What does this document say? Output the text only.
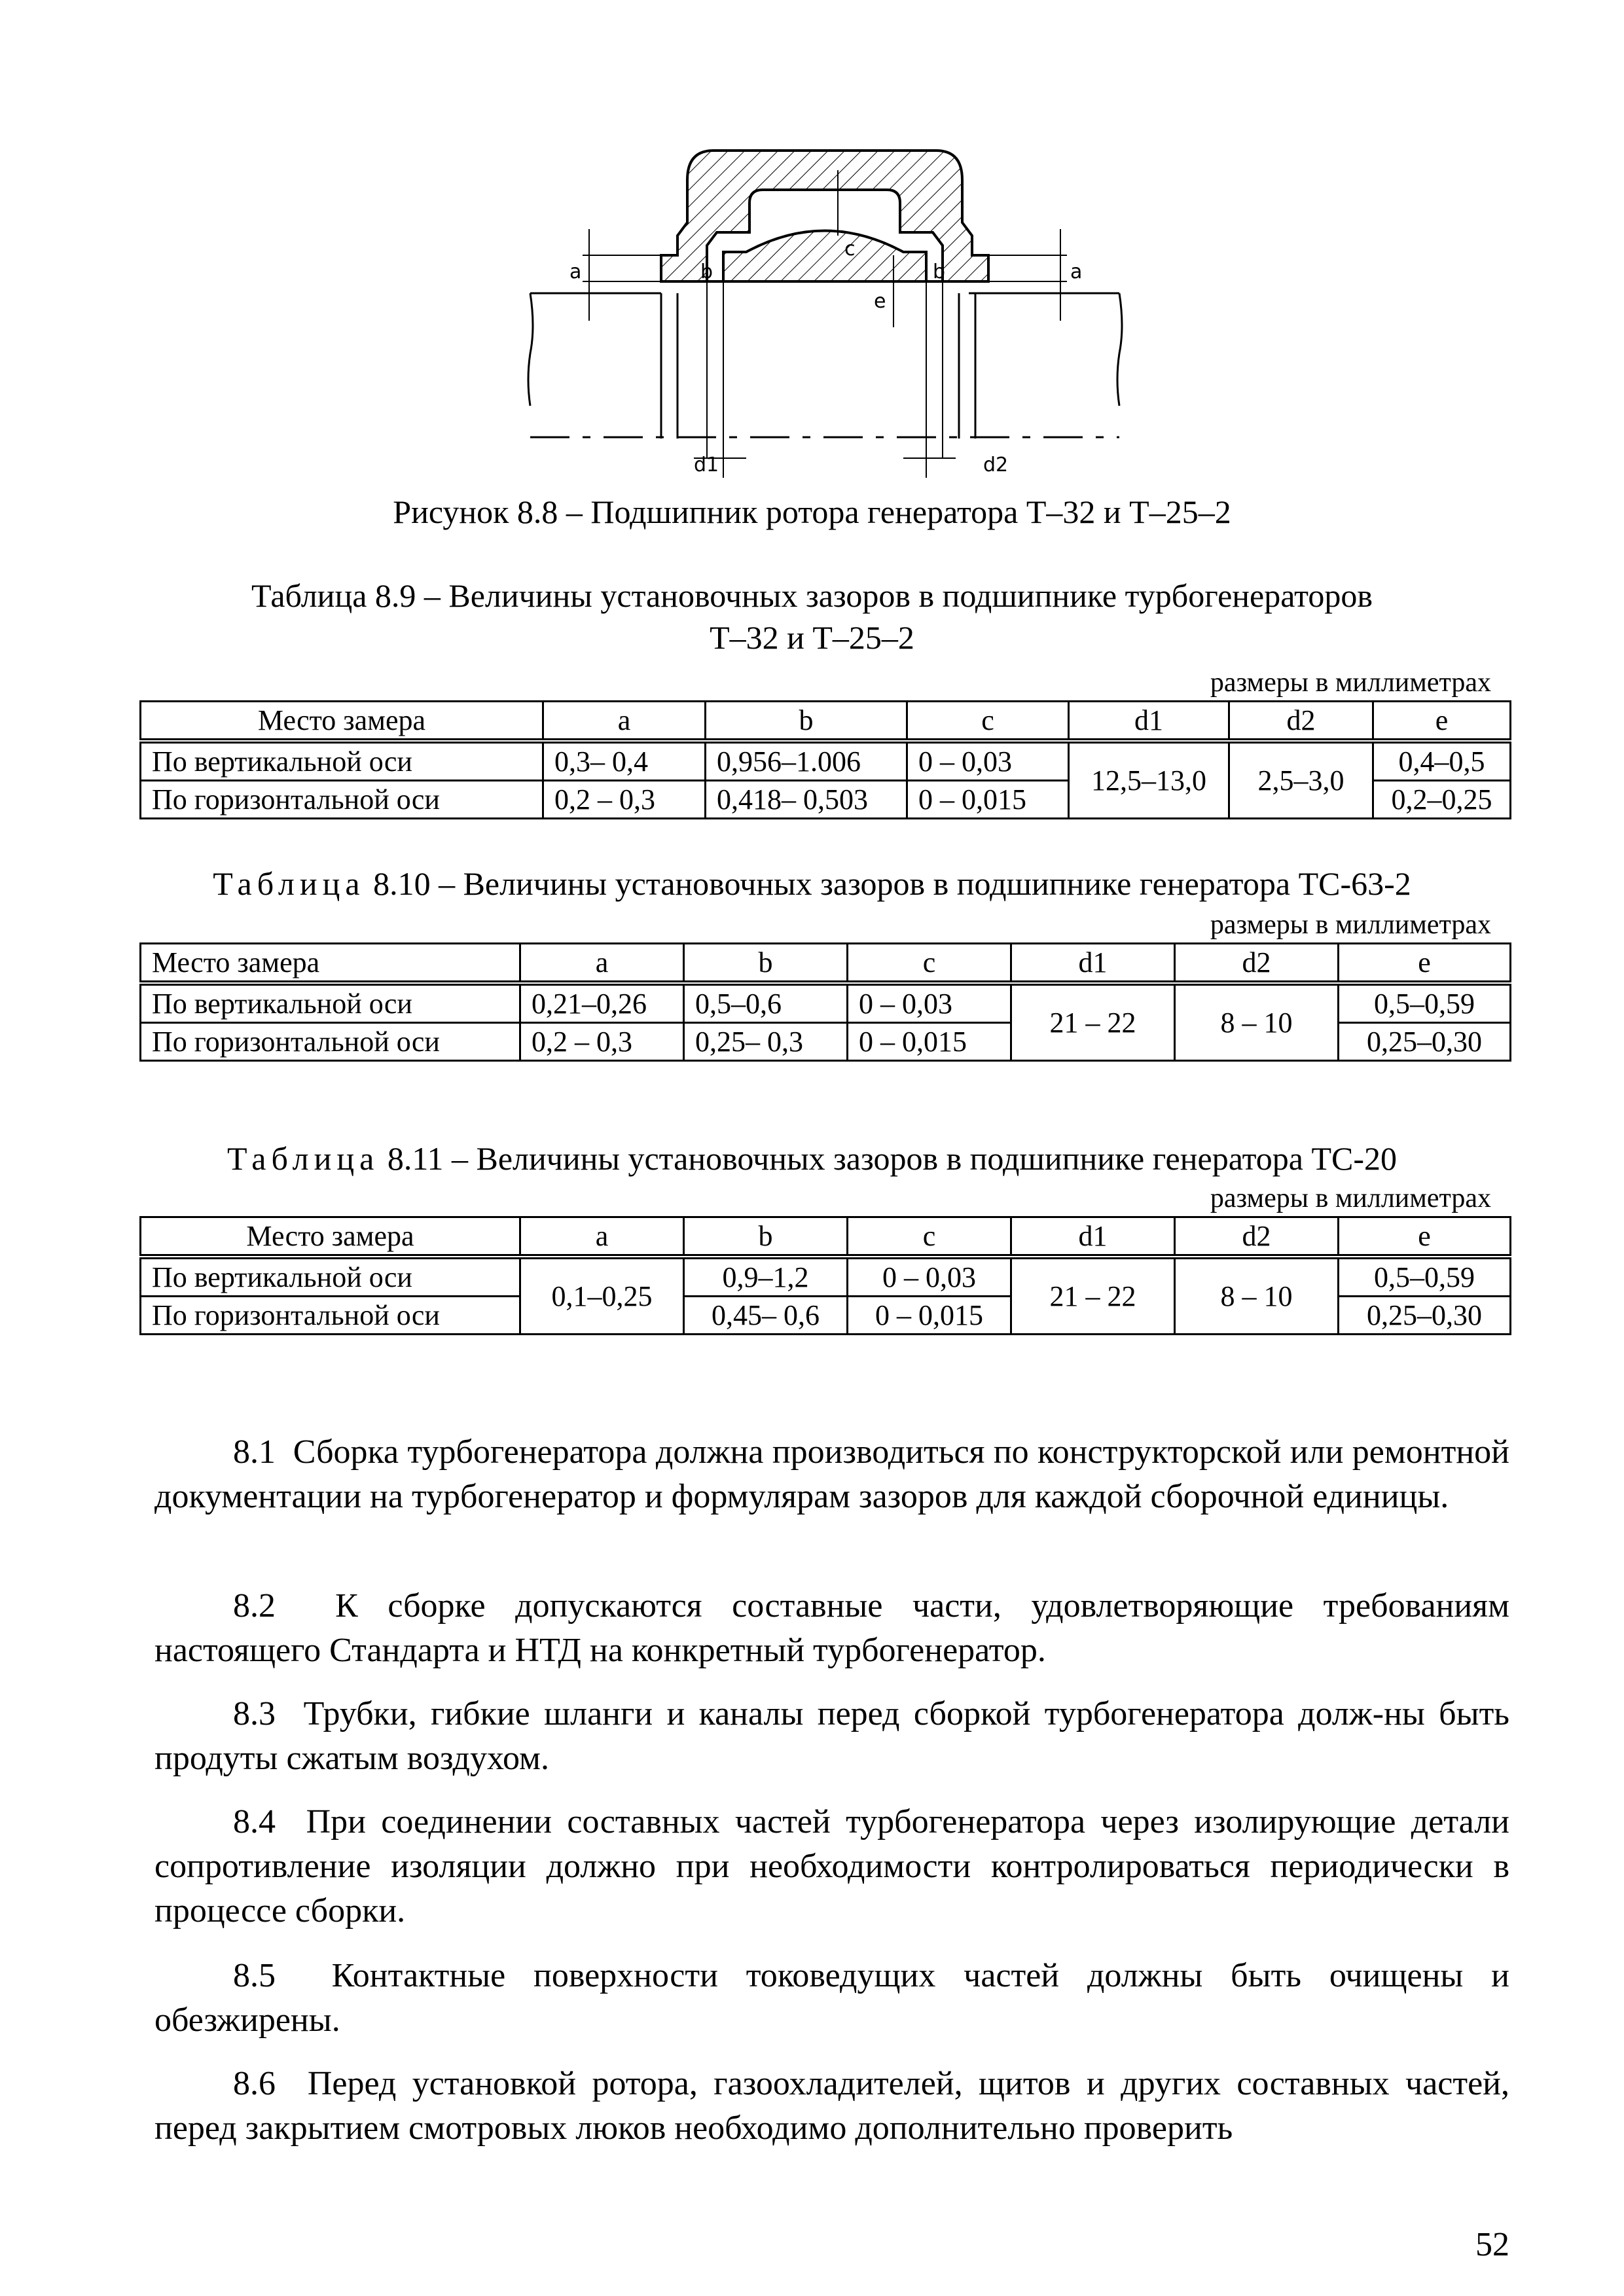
a	b
c
e
b	a
d1	d2
Рисунок 8.8 – Подшипник ротора генератора Т–32 и Т–25–2
Таблица 8.9 – Величины установочных зазоров в подшипнике турбогенераторов
Т–32 и Т–25–2
размеры в миллиметрах
Место замера	a	b	c	d1	d2	e
По вертикальной оси	0,3– 0,4	0,956–1.006	0 – 0,03	12,5–13,0	2,5–3,0	0,4–0,5
По горизонтальной оси	0,2 – 0,3	0,418– 0,503	0 – 0,015			0,2–0,25
Таблица 8.10 – Величины установочных зазоров в подшипнике генератора ТС-63-2
размеры в миллиметрах
Место замера	a	b	c	d1	d2	e
По вертикальной оси	0,21–0,26	0,5–0,6	0 – 0,03	21 – 22	8 – 10	0,5–0,59
По горизонтальной оси	0,2 – 0,3	0,25– 0,3	0 – 0,015			0,25–0,30
Таблица 8.11 – Величины установочных зазоров в подшипнике генератора ТС-20
размеры в миллиметрах
Место замера	a	b	c	d1	d2	e
По вертикальной оси	0,1–0,25	0,9–1,2	0 – 0,03	21 – 22	8 – 10	0,5–0,59
По горизонтальной оси		0,45– 0,6	0 – 0,015			0,25–0,30
8.1 Сборка турбогенератора должна производиться по конструкторской или ремонтной документации на турбогенератор и формулярам зазоров для каждой сборочной единицы.
8.2 К сборке допускаются составные части, удовлетворяющие требованиям настоящего Стандарта и НТД на конкретный турбогенератор.
8.3 Трубки, гибкие шланги и каналы перед сборкой турбогенератора долж-ны быть продуты сжатым воздухом.
8.4 При соединении составных частей турбогенератора через изолирующие детали сопротивление изоляции должно при необходимости контролироваться периодически в процессе сборки.
8.5 Контактные поверхности токоведущих частей должны быть очищены и обезжирены.
8.6 Перед установкой ротора, газоохладителей, щитов и других составных частей, перед закрытием смотровых люков необходимо дополнительно проверить
52
